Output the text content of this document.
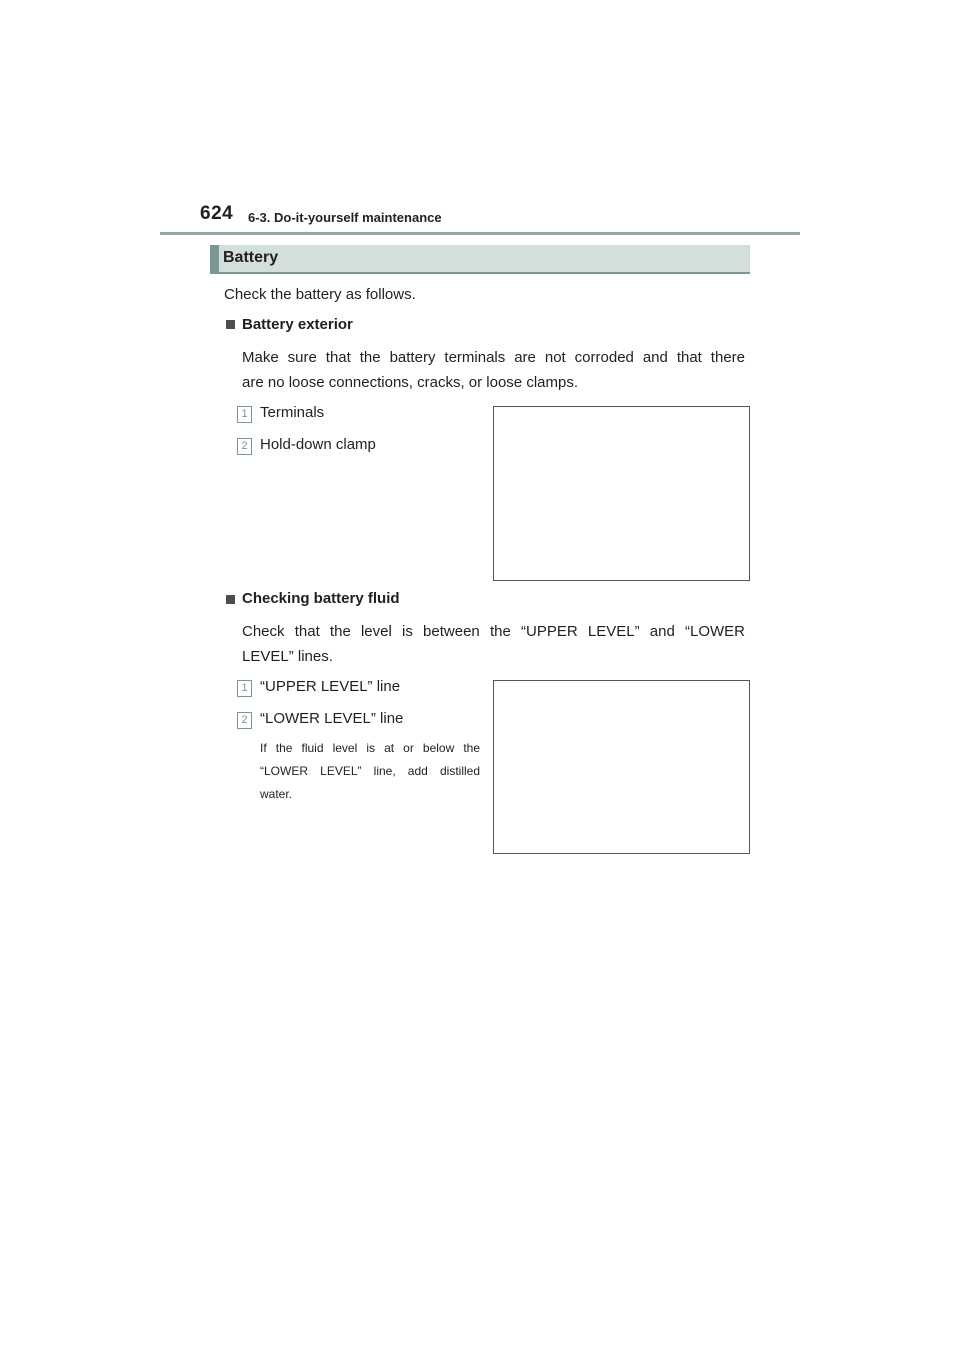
624 6-3. Do-it-yourself maintenance
Battery
Check the battery as follows.
Battery exterior
Make sure that the battery terminals are not corroded and that there
are no loose connections, cracks, or loose clamps.
1 Terminals
2 Hold-down clamp
Checking battery fluid
Check that the level is between the “UPPER LEVEL” and “LOWER
LEVEL” lines.
1 “UPPER LEVEL” line
2 “LOWER LEVEL” line
If the fluid level is at or below the
“LOWER LEVEL” line, add distilled
water.
